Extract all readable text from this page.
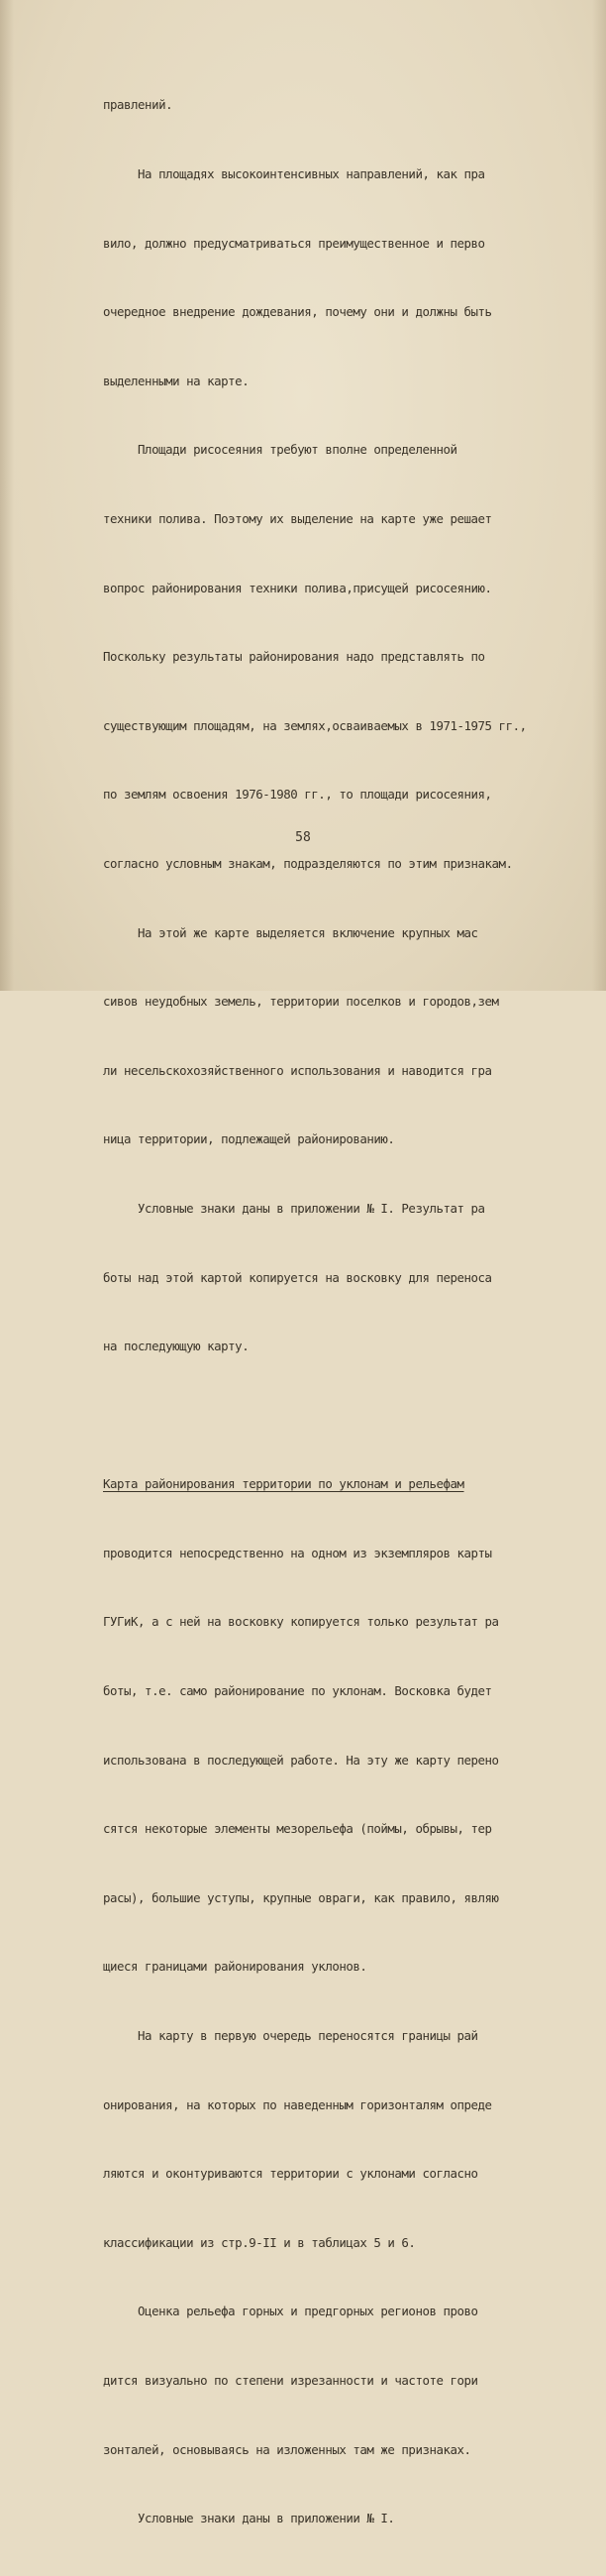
правлений.

На площадях высокоинтенсивных направлений, как пра

вило, должно предусматриваться преимущественное и перво

очередное внедрение дождевания, почему они и должны быть

выделенными на карте.

Площади рисосеяния требуют вполне определенной

техники полива. Поэтому их выделение на карте уже решает

вопрос районирования техники полива,присущей рисосеянию.

Поскольку результаты районирования надо представлять по

существующим площадям, на землях,осваиваемых в 1971-1975 гг.,

по землям освоения 1976-1980 гг., то площади рисосеяния,

согласно условным знакам, подразделяются по этим признакам.

На этой же карте выделяется включение крупных мас

сивов неудобных земель, территории поселков и городов,зем

ли несельскохозяйственного использования и наводится гра

ница территории, подлежащей районированию.

Условные знаки даны в приложении № I. Результат ра

боты над этой картой копируется на восковку для переноса

на последующую карту.

Карта районирования территории по уклонам и рельефам

проводится непосредственно на одном из экземпляров карты

ГУГиК, а с ней на восковку копируется только результат ра

боты, т.е. само районирование по уклонам. Восковка будет

использована в последующей работе. На эту же карту перено

сятся некоторые элементы мезорельефа (поймы, обрывы, тер

расы), большие уступы, крупные овраги, как правило, являю

щиеся границами районирования уклонов.

На карту в первую очередь переносятся границы рай

онирования, на которых по наведенным горизонталям опреде

ляются и оконтуриваются территории с уклонами согласно

классификации из стр.9-II и в таблицах 5 и 6.

Оценка рельефа горных и предгорных регионов прово

дится визуально по степени изрезанности и частоте гори

зонталей, основываясь на изложенных там же признаках.

Условные знаки даны в приложении № I.

58
